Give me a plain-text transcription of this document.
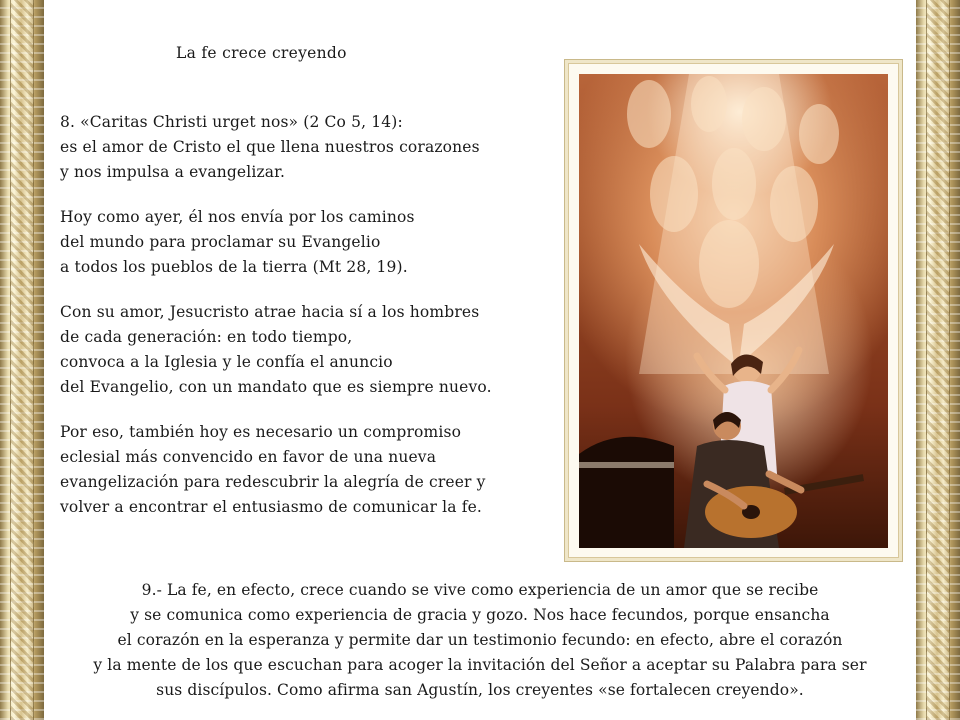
La fe crece creyendo
8. «Caritas Christi urget nos» (2 Co 5, 14):
es el amor de Cristo el que llena nuestros corazones
y nos impulsa a evangelizar.
Hoy como ayer, él nos envía por los caminos
del mundo para proclamar su Evangelio
a todos los pueblos de la tierra (Mt 28, 19).
Con su amor, Jesucristo atrae hacia sí a los hombres
de cada generación: en todo tiempo,
convoca a la Iglesia y le confía el anuncio
del Evangelio, con un mandato que es siempre nuevo.
Por eso, también hoy es necesario un compromiso
eclesial más convencido en favor de una nueva
evangelización para redescubrir la alegría de creer y
volver a encontrar el entusiasmo de comunicar la fe.
9.- La fe, en efecto, crece cuando se vive como experiencia de un amor que se recibe
y se comunica como experiencia de gracia y gozo. Nos hace fecundos, porque ensancha
el corazón en la esperanza y permite dar un testimonio fecundo: en efecto, abre el corazón
y la mente de los que escuchan para acoger la invitación del Señor a aceptar su Palabra para ser
sus discípulos. Como afirma san Agustín, los creyentes «se fortalecen creyendo».
